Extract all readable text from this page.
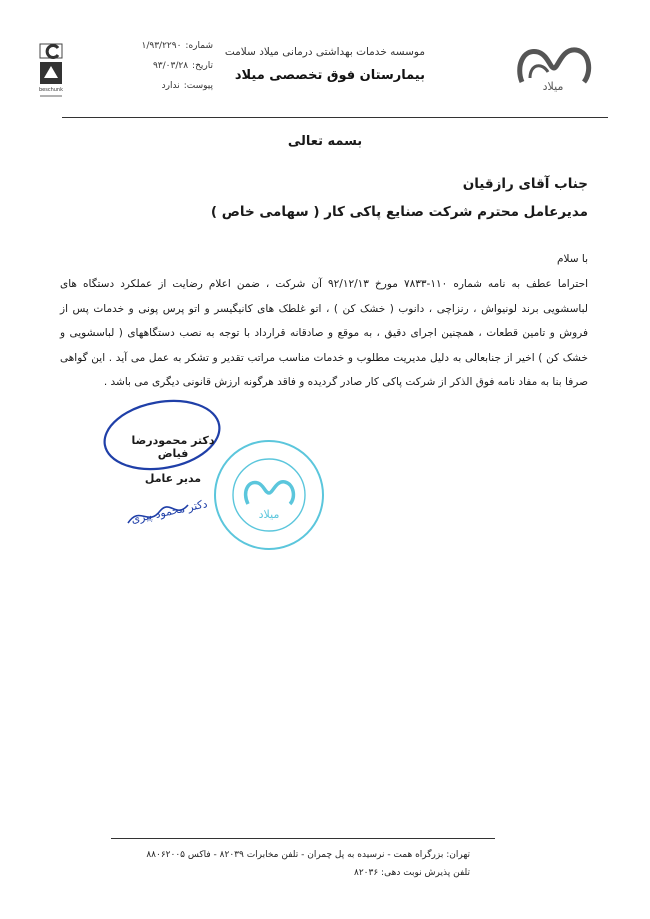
میلاد
موسسه خدمات بهداشتی درمانی میلاد سلامت
بیمارستان فوق تخصصی میلاد
شماره:
۱/۹۳/۲۲۹۰
تاریخ:
۹۳/۰۳/۲۸
پیوست:
ندارد
beschunk
بسمه تعالی
جناب آقای رازقیان
مدیرعامل محترم شرکت صنایع پاکی کار ( سهامی خاص )
با سلام
احتراما عطف به نامه شماره ۱۱۰-۷۸۳۳ مورخ ۹۲/۱۲/۱۳ آن شرکت ، ضمن اعلام رضایت از عملکرد دستگاه های لباسشویی برند لونیواش ، رنزاچی ، دانوب ( خشک کن ) ، اتو غلطک های کانیگیسر و اتو پرس پونی و خدمات پس از فروش و تامین قطعات ، همچنین اجرای دقیق ، به موقع و صادقانه قرارداد با توجه به نصب دستگاههای ( لباسشویی و خشک کن ) اخیر از جنابعالی به دلیل مدیریت مطلوب و خدمات مناسب مراتب تقدیر و تشکر به عمل می آید . این گواهی صرفا بنا به مفاد نامه فوق الذکر از شرکت پاکی کار صادر گردیده و فاقد هرگونه ارزش قانونی دیگری می باشد .
دکتر محمود پیری
دکتر محمودرضا فیاض
مدیر عامل
میلاد
تهران: بزرگراه همت - نرسیده به پل چمران - تلفن مخابرات ۸۲۰۳۹ - فاکس ۸۸۰۶۲۰۰۵
تلفن پذیرش نوبت دهی: ۸۲۰۳۶
